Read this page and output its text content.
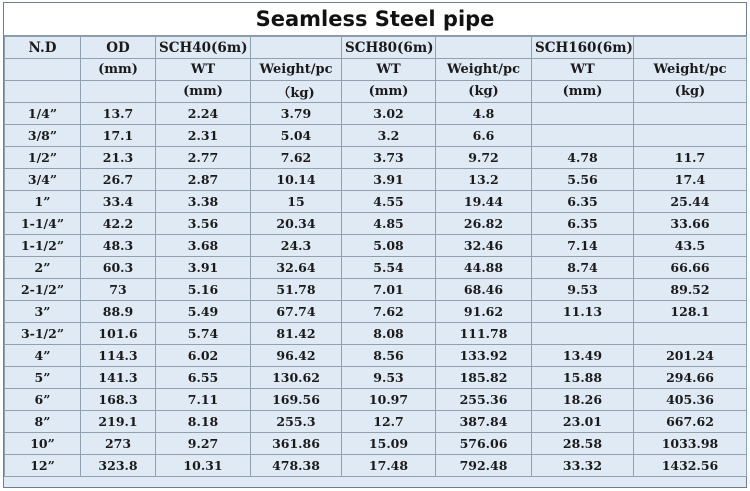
Seamless Steel pipe
N.D	OD	SCH40(6m)		SCH80(6m)		SCH160(6m)	
	(mm)	WT	Weight/pc	WT	Weight/pc	WT	Weight/pc
		(mm)	（kg)	(mm)	(kg)	(mm)	(kg)
1/4”	13.7	2.24	3.79	3.02	4.8		
3/8”	17.1	2.31	5.04	3.2	6.6		
1/2”	21.3	2.77	7.62	3.73	9.72	4.78	11.7
3/4”	26.7	2.87	10.14	3.91	13.2	5.56	17.4
1”	33.4	3.38	15	4.55	19.44	6.35	25.44
1-1/4”	42.2	3.56	20.34	4.85	26.82	6.35	33.66
1-1/2”	48.3	3.68	24.3	5.08	32.46	7.14	43.5
2”	60.3	3.91	32.64	5.54	44.88	8.74	66.66
2-1/2”	73	5.16	51.78	7.01	68.46	9.53	89.52
3”	88.9	5.49	67.74	7.62	91.62	11.13	128.1
3-1/2”	101.6	5.74	81.42	8.08	111.78		
4”	114.3	6.02	96.42	8.56	133.92	13.49	201.24
5”	141.3	6.55	130.62	9.53	185.82	15.88	294.66
6”	168.3	7.11	169.56	10.97	255.36	18.26	405.36
8”	219.1	8.18	255.3	12.7	387.84	23.01	667.62
10”	273	9.27	361.86	15.09	576.06	28.58	1033.98
12”	323.8	10.31	478.38	17.48	792.48	33.32	1432.56
